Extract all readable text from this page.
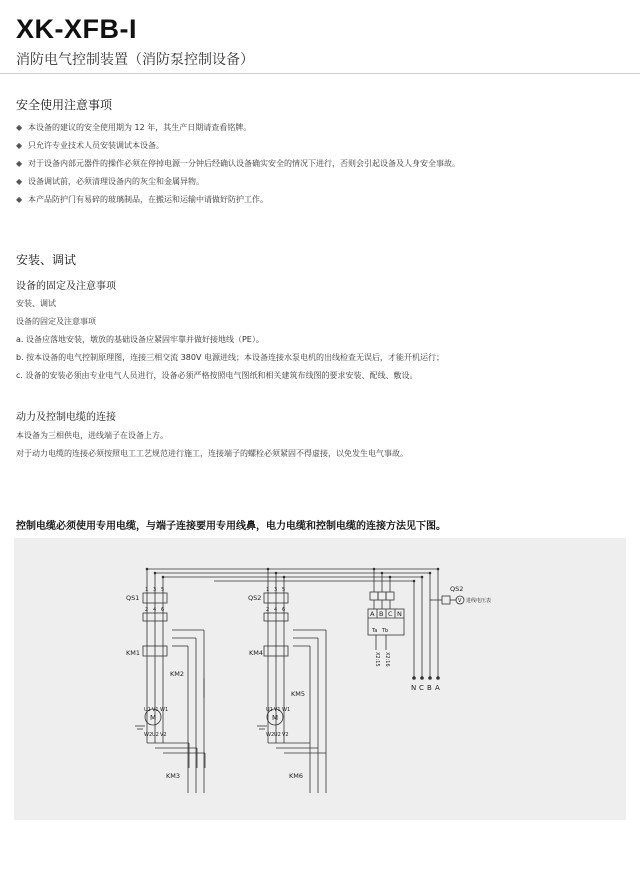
XK-XFB-I
消防电气控制装置（消防泵控制设备）
安全使用注意事项
◆ 本设备的建议的安全使用期为 12 年，其生产日期请查看铭牌。
◆ 只允许专业技术人员安装调试本设备。
◆ 对于设备内部元器件的操作必须在停掉电源一分钟后经确认设备确实安全的情况下进行，否则会引起设备及人身安全事故。
◆ 设备调试前，必须清理设备内的灰尘和金属异物。
◆ 本产品防护门有易碎的玻璃制品，在搬运和运输中请做好防护工作。
安装、调试
设备的固定及注意事项
安装、调试
设备的固定及注意事项
a. 设备应落地安装，墩放的基础设备应紧固牢靠并做好接地线（PE）。
b. 按本设备的电气控制原理图，连接三相交流 380V 电源进线；本设备连接水泵电机的出线检查无误后，才能开机运行；
c. 设备的安装必须由专业电气人员进行，设备必须严格按照电气图纸和相关建筑布线图的要求安装、配线、敷设。
动力及控制电缆的连接
本设备为三相供电，进线端子在设备上方。
对于动力电缆的连接必须按照电工工艺规范进行施工，连接端子的螺栓必须紧固不得虚接，以免发生电气事故。
控制电缆必须使用专用电缆，与端子连接要用专用线鼻，电力电缆和控制电缆的连接方法见下图。
QS1
1 3 5
2 4 6
KM1
KM2
KM3
M
U1 V1 W1
W2 U2 V2
QS2
1 3 5
2 4 6
KM4
KM5
KM6
M
U1 V1 W1
W2 U2 V2
A B C N
Ta Tb
X2:15 X2:16
QS2
V 进线电压表
N C B A
